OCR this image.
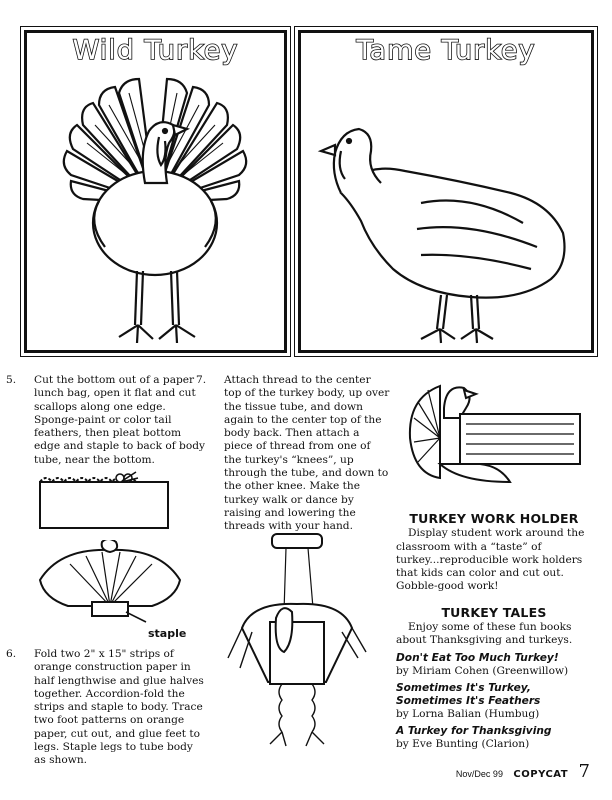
Wild Turkey	Tame Turkey

5. Cut the bottom out of a paper lunch bag, open it flat and cut scallops along one edge. Sponge-paint or color tail feathers, then pleat bottom edge and staple to back of body tube, near the bottom.

staple

6. Fold two 2" x 15" strips of orange construction paper in half lengthwise and glue halves together. Accordion-fold the strips and staple to body. Trace two foot patterns on orange paper, cut out, and glue feet to legs. Staple legs to tube body as shown.

7. Attach thread to the center top of the turkey body, up over the tissue tube, and down again to the center top of the body back. Then attach a piece of thread from one of the turkey's “knees”, up through the tube, and down to the other knee. Make the turkey walk or dance by raising and lowering the threads with your hand.

TURKEY WORK HOLDER

Display student work around the classroom with a “taste” of turkey...reproducible work holders that kids can color and cut out. Gobble-good work!

TURKEY TALES

Enjoy some of these fun books about Thanksgiving and turkeys.

Don't Eat Too Much Turkey!
by Miriam Cohen (Greenwillow)
Sometimes It's Turkey, Sometimes It's Feathers
by Lorna Balian (Humbug)
A Turkey for Thanksgiving
by Eve Bunting (Clarion)
Nov/Dec 99 COPYCAT 7
